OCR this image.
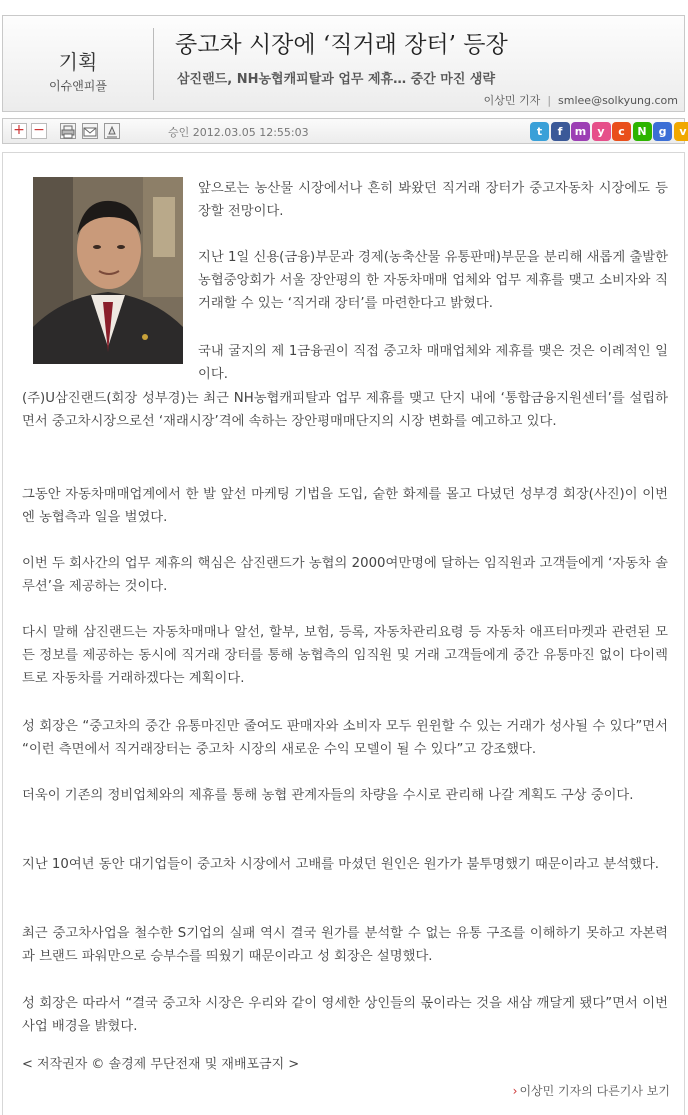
기획
이슈앤피플
중고차 시장에 ‘직거래 장터’ 등장
삼진랜드, NH농협캐피탈과 업무 제휴… 중간 마진 생략
이상민 기자 | smlee@solkyung.com
+ −	승인 2012.03.05 12:55:03	t	f	m	y	c	N	g	v
앞으로는 농산물 시장에서나 흔히 봐왔던 직거래 장터가 중고자동차 시장에도 등장할 전망이다.
지난 1일 신용(금융)부문과 경제(농축산물 유통판매)부문을 분리해 새롭게 출발한 농협중앙회가 서울 장안평의 한 자동차매매 업체와 업무 제휴를 맺고 소비자와 직거래할 수 있는 ‘직거래 장터’를 마련한다고 밝혔다.
국내 굴지의 제 1금융권이 직접 중고차 매매업체와 제휴를 맺은 것은 이례적인 일이다.
(주)U삼진랜드(회장 성부경)는 최근 NH농협캐피탈과 업무 제휴를 맺고 단지 내에 ‘통합금융지원센터’를 설립하면서 중고차시장으로선 ‘재래시장’격에 속하는 장안평매매단지의 시장 변화를 예고하고 있다.
그동안 자동차매매업계에서 한 발 앞선 마케팅 기법을 도입, 숱한 화제를 몰고 다녔던 성부경 회장(사진)이 이번엔 농협측과 일을 벌였다.
이번 두 회사간의 업무 제휴의 핵심은 삼진랜드가 농협의 2000여만명에 달하는 임직원과 고객들에게 ‘자동차 솔루션’을 제공하는 것이다.
다시 말해 삼진랜드는 자동차매매나 알선, 할부, 보험, 등록, 자동차관리요령 등 자동차 애프터마켓과 관련된 모든 정보를 제공하는 동시에 직거래 장터를 통해 농협측의 임직원 및 거래 고객들에게 중간 유통마진 없이 다이렉트로 자동차를 거래하겠다는 계획이다.
성 회장은 “중고차의 중간 유통마진만 줄여도 판매자와 소비자 모두 윈윈할 수 있는 거래가 성사될 수 있다”면서 “이런 측면에서 직거래장터는 중고차 시장의 새로운 수익 모델이 될 수 있다”고 강조했다.
더욱이 기존의 정비업체와의 제휴를 통해 농협 관계자들의 차량을 수시로 관리해 나갈 계획도 구상 중이다.
지난 10여년 동안 대기업들이 중고차 시장에서 고배를 마셨던 원인은 원가가 불투명했기 때문이라고 분석했다.
최근 중고차사업을 철수한 S기업의 실패 역시 결국 원가를 분석할 수 없는 유통 구조를 이해하기 못하고 자본력과 브랜드 파워만으로 승부수를 띄웠기 때문이라고 성 회장은 설명했다.
성 회장은 따라서 “결국 중고차 시장은 우리와 같이 영세한 상인들의 몫이라는 것을 새삼 깨달게 됐다”면서 이번 사업 배경을 밝혔다.
< 저작권자 © 솔경제 무단전재 및 재배포금지 >
› 이상민 기자의 다른기사 보기
